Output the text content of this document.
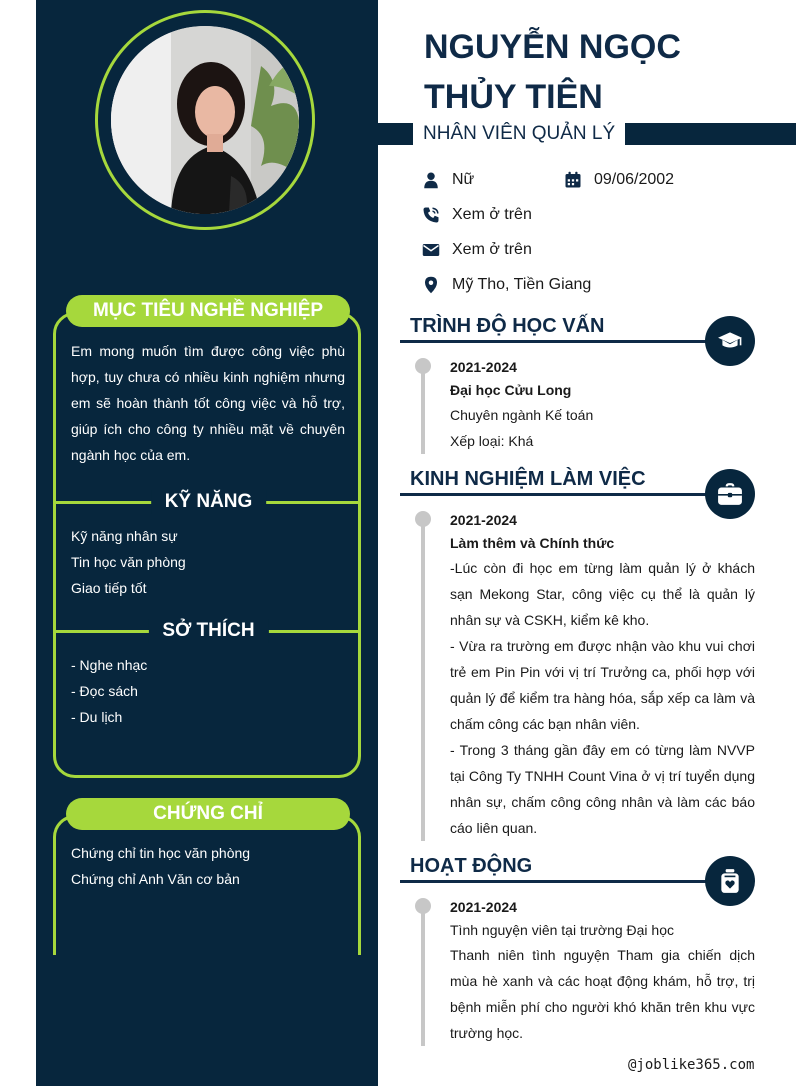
MỤC TIÊU NGHỀ NGHIỆP
Em mong muốn tìm được công việc phù hợp, tuy chưa có nhiều kinh nghiệm nhưng em sẽ hoàn thành tốt công việc và hỗ trợ, giúp ích cho công ty nhiều mặt về chuyên ngành học của em.
KỸ NĂNG
Kỹ năng nhân sự
Tin học văn phòng
Giao tiếp tốt
SỞ THÍCH
- Nghe nhạc
- Đọc sách
- Du lịch
CHỨNG CHỈ
Chứng chỉ tin học văn phòng
Chứng chỉ Anh Văn cơ bản
NGUYỄN NGỌC
THỦY TIÊN
NHÂN VIÊN QUẢN LÝ
Nữ	09/06/2002
Xem ở trên
Xem ở trên
Mỹ Tho, Tiền Giang
TRÌNH ĐỘ HỌC VẤN
2021-2024
Đại học Cửu Long
Chuyên ngành Kế toán
Xếp loại: Khá
KINH NGHIỆM LÀM VIỆC
2021-2024
Làm thêm và Chính thức
-Lúc còn đi học em từng làm quản lý ở khách sạn Mekong Star, công việc cụ thể là quản lý nhân sự và CSKH, kiểm kê kho.
- Vừa ra trường em được nhận vào khu vui chơi trẻ em Pin Pin với vị trí Trưởng ca, phối hợp với quản lý để kiểm tra hàng hóa, sắp xếp ca làm và chấm công các bạn nhân viên.
- Trong 3 tháng gần đây em có từng làm NVVP tại Công Ty TNHH Count Vina ở vị trí tuyển dụng nhân sự, chấm công công nhân và làm các báo cáo liên quan.
HOẠT ĐỘNG
2021-2024
Tình nguyện viên tại trường Đại học
Thanh niên tình nguyện Tham gia chiến dịch mùa hè xanh và các hoạt động khám, hỗ trợ, trị bệnh miễn phí cho người khó khăn trên khu vực trường học.
@joblike365.com
